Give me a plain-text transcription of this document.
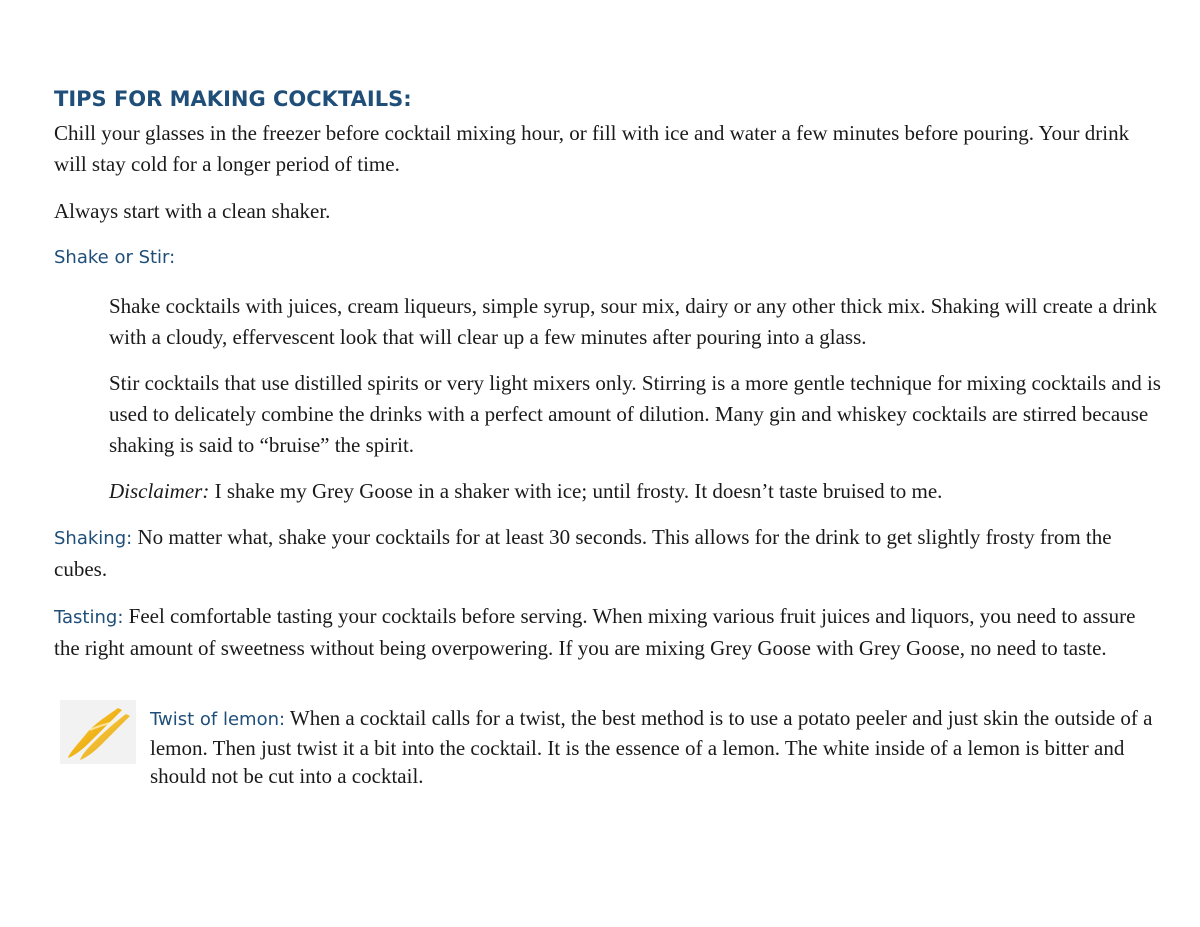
TIPS FOR MAKING COCKTAILS:

Chill your glasses in the freezer before cocktail mixing hour, or fill with ice and water a few minutes before pouring. Your drink will stay cold for a longer period of time.

Always start with a clean shaker.

Shake or Stir:

Shake cocktails with juices, cream liqueurs, simple syrup, sour mix, dairy or any other thick mix. Shaking will create a drink with a cloudy, effervescent look that will clear up a few minutes after pouring into a glass.

Stir cocktails that use distilled spirits or very light mixers only. Stirring is a more gentle technique for mixing cocktails and is used to delicately combine the drinks with a perfect amount of dilution. Many gin and whiskey cocktails are stirred because shaking is said to “bruise” the spirit.

Disclaimer: I shake my Grey Goose in a shaker with ice; until frosty. It doesn’t taste bruised to me.

Shaking: No matter what, shake your cocktails for at least 30 seconds. This allows for the drink to get slightly frosty from the cubes.

Tasting: Feel comfortable tasting your cocktails before serving. When mixing various fruit juices and liquors, you need to assure the right amount of sweetness without being overpowering. If you are mixing Grey Goose with Grey Goose, no need to taste.

Twist of lemon: When a cocktail calls for a twist, the best method is to use a potato peeler and just skin the outside of a lemon. Then just twist it a bit into the cocktail. It is the essence of a lemon. The white inside of a lemon is bitter and should not be cut into a cocktail.
